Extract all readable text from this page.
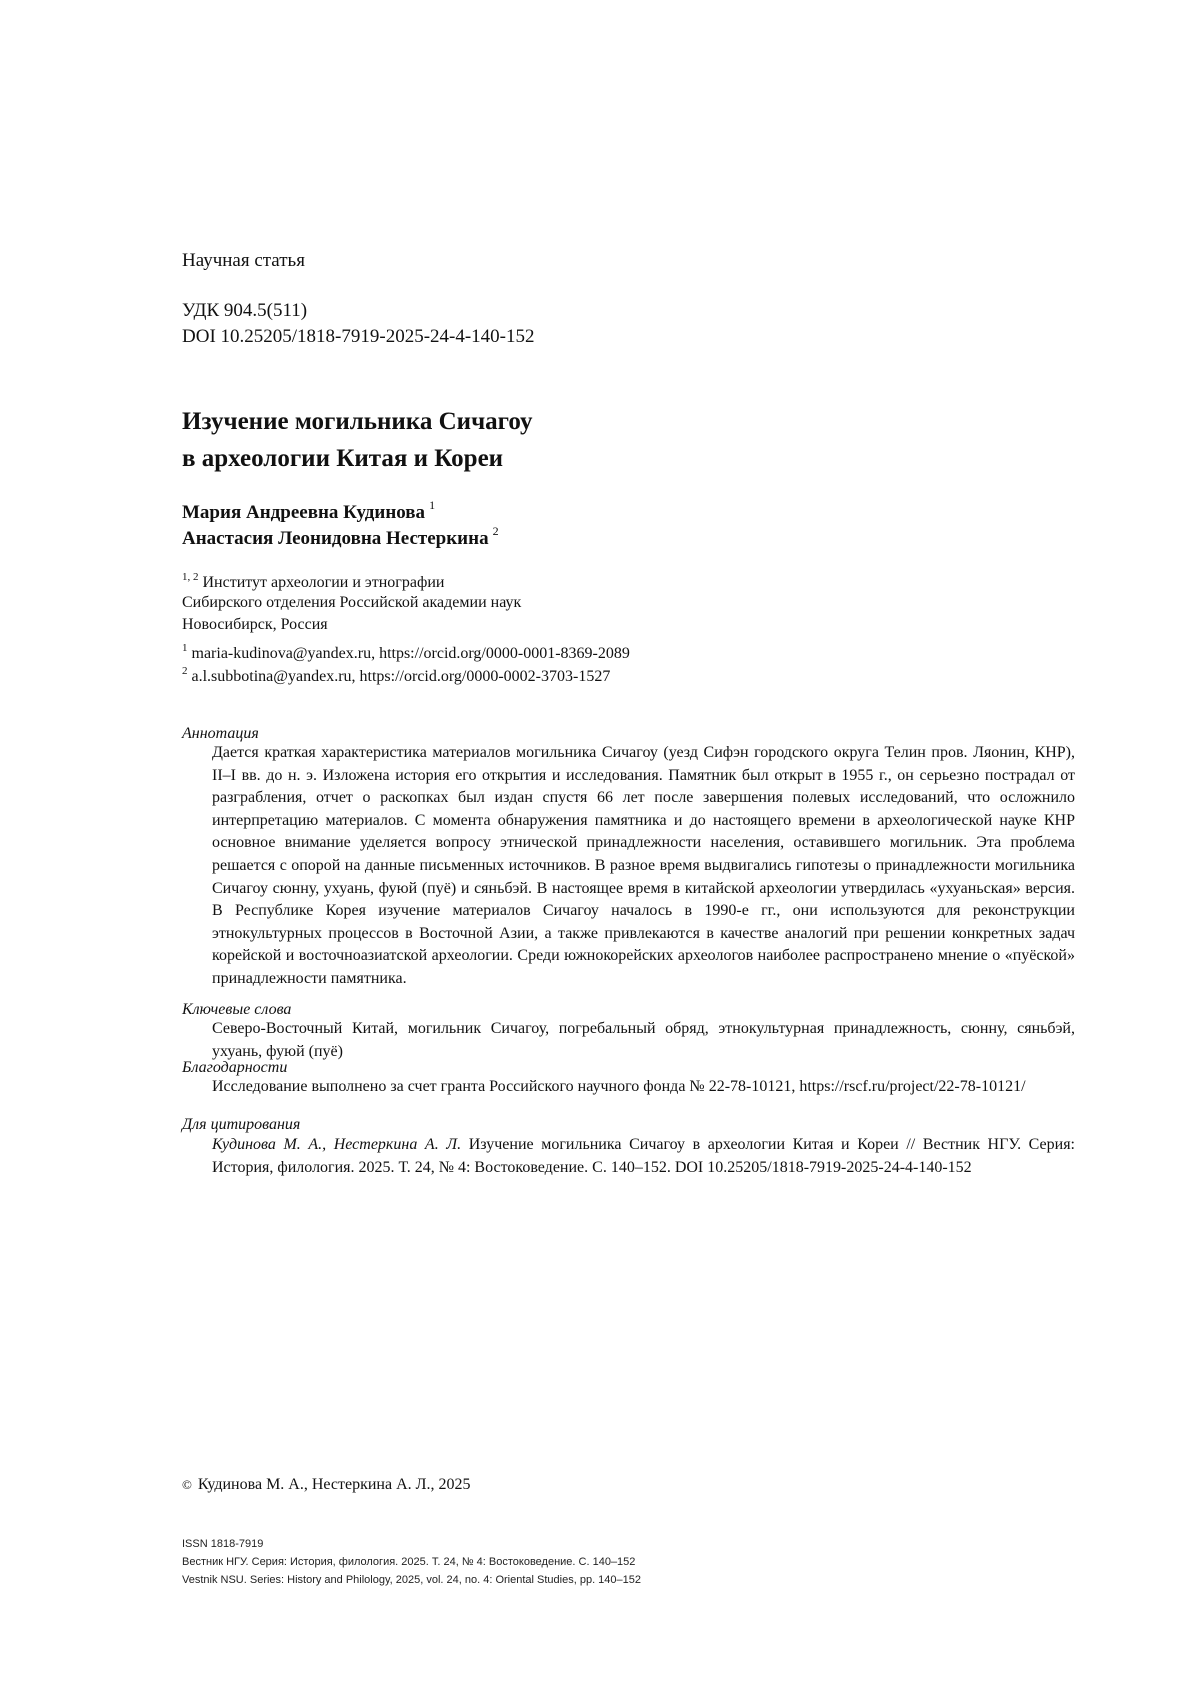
Научная статья
УДК 904.5(511)
DOI 10.25205/1818-7919-2025-24-4-140-152
Изучение могильника Сичагоу
в археологии Китая и Кореи
Мария Андреевна Кудинова 1
Анастасия Леонидовна Нестеркина 2
1, 2 Институт археологии и этнографии
Сибирского отделения Российской академии наук
Новосибирск, Россия
1 maria-kudinova@yandex.ru, https://orcid.org/0000-0001-8369-2089
2 a.l.subbotina@yandex.ru, https://orcid.org/0000-0002-3703-1527
Аннотация
Дается краткая характеристика материалов могильника Сичагоу (уезд Сифэн городского округа Телин пров. Ляонин, КНР), II–I вв. до н. э. Изложена история его открытия и исследования. Памятник был открыт в 1955 г., он серьезно пострадал от разграбления, отчет о раскопках был издан спустя 66 лет после завершения полевых исследований, что осложнило интерпретацию материалов. С момента обнаружения памятника и до настоящего времени в археологической науке КНР основное внимание уделяется вопросу этнической принадлежности населения, оставившего могильник. Эта проблема решается с опорой на данные письменных источников. В разное время выдвигались гипотезы о принадлежности могильника Сичагоу сюнну, ухуань, фуюй (пуё) и сяньбэй. В настоящее время в китайской археологии утвердилась «ухуаньская» версия. В Рес­публике Корея изучение материалов Сичагоу началось в 1990-е гг., они используются для реконструкции этнокультурных процессов в Восточной Азии, а также привлекаются в качестве аналогий при решении кон­кретных задач корейской и восточноазиатской археологии. Среди южнокорейских археологов наиболее рас­пространено мнение о «пуёской» принадлежности памятника.
Ключевые слова
Северо-Восточный Китай, могильник Сичагоу, погребальный обряд, этнокультурная принадлежность, сюнну, сяньбэй, ухуань, фуюй (пуё)
Благодарности
Исследование выполнено за счет гранта Российского научного фонда № 22-78-10121, https://rscf.ru/project/22-78-10121/
Для цитирования
Кудинова М. А., Нестеркина А. Л. Изучение могильника Сичагоу в археологии Китая и Кореи // Вестник НГУ. Серия: История, филология. 2025. Т. 24, № 4: Востоковедение. С. 140–152. DOI 10.25205/1818-7919-2025-24-4-140-152
© Кудинова М. А., Нестеркина А. Л., 2025
ISSN 1818-7919
Вестник НГУ. Серия: История, филология. 2025. Т. 24, № 4: Востоковедение. С. 140–152
Vestnik NSU. Series: History and Philology, 2025, vol. 24, no. 4: Oriental Studies, pp. 140–152
